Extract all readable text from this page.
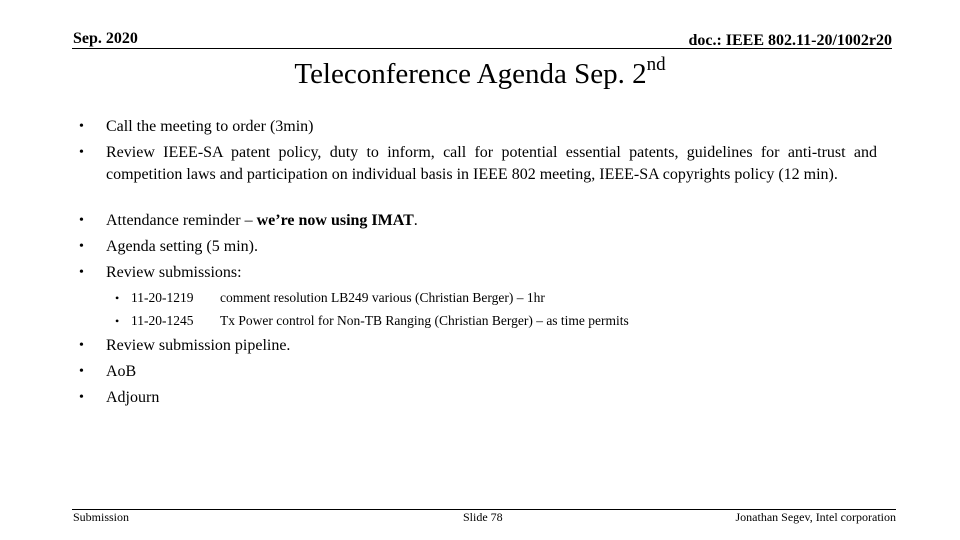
Sep. 2020	doc.: IEEE 802.11-20/1002r20
Teleconference Agenda Sep. 2nd
• Call the meeting to order (3min)
• Review IEEE-SA patent policy, duty to inform, call for potential essential patents, guidelines for anti-trust and competition laws and participation on individual basis in IEEE 802 meeting, IEEE-SA copyrights policy (12 min).
• Attendance reminder – we’re now using IMAT.
• Agenda setting (5 min).
• Review submissions:
• 11-20-1219 comment resolution LB249 various (Christian Berger) – 1hr
• 11-20-1245 Tx Power control for Non-TB Ranging (Christian Berger) – as time permits
• Review submission pipeline.
• AoB
• Adjourn
Submission	Slide 78	Jonathan Segev, Intel corporation
